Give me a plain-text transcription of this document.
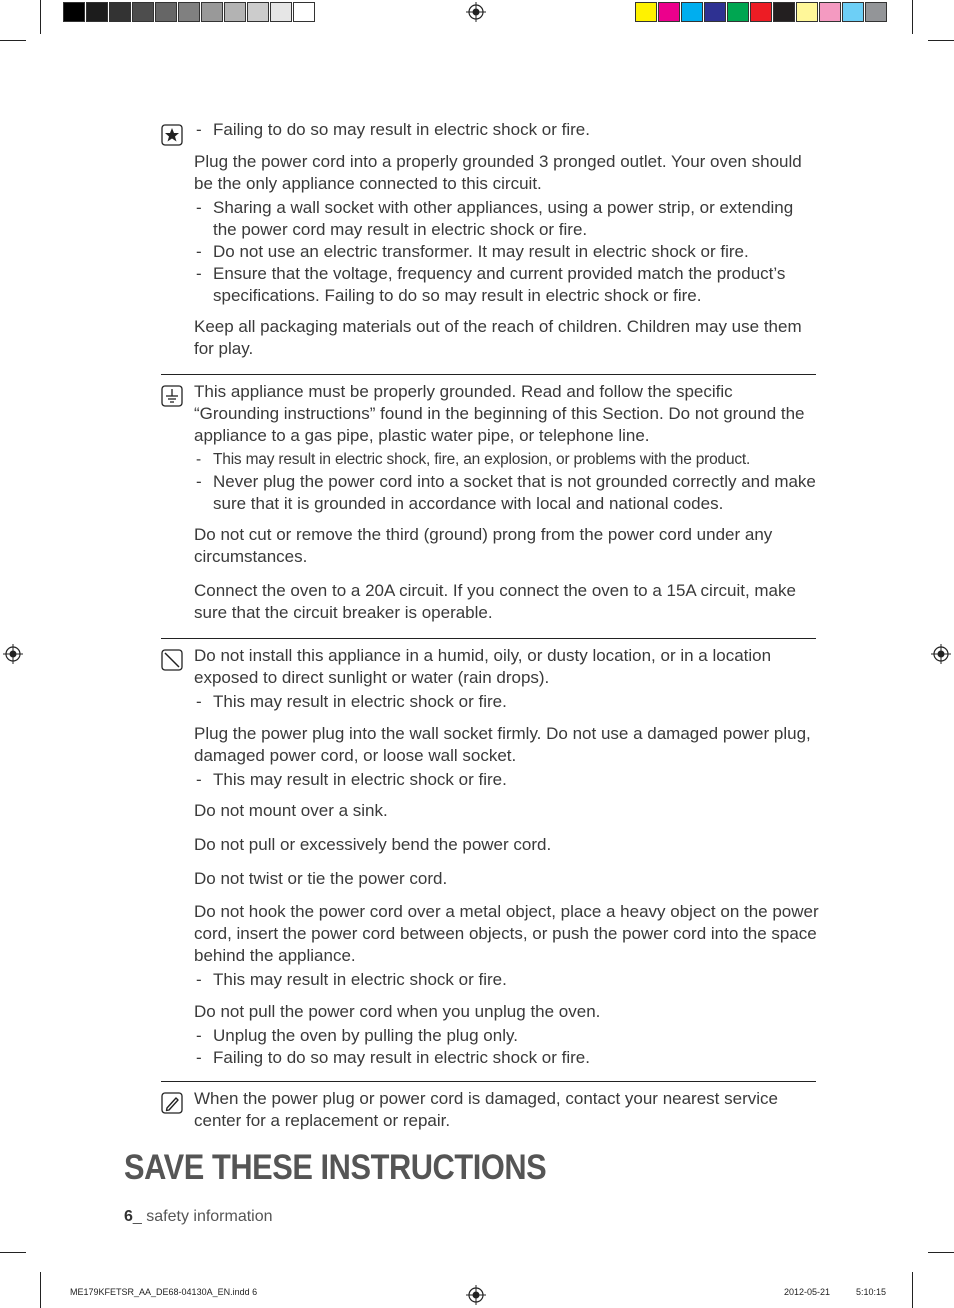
- Failing to do so may result in electric shock or fire.

Plug the power cord into a properly grounded 3 pronged outlet. Your oven should be the only appliance connected to this circuit.

- Sharing a wall socket with other appliances, using a power strip, or extending the power cord may result in electric shock or fire.
- Do not use an electric transformer. It may result in electric shock or fire.
- Ensure that the voltage, frequency and current provided match the product’s specifications. Failing to do so may result in electric shock or fire.

Keep all packaging materials out of the reach of children. Children may use them for play.

This appliance must be properly grounded. Read and follow the specific “Grounding instructions” found in the beginning of this Section. Do not ground the appliance to a gas pipe, plastic water pipe, or telephone line.

- This may result in electric shock, fire, an explosion, or problems with the product.
- Never plug the power cord into a socket that is not grounded correctly and make sure that it is grounded in accordance with local and national codes.

Do not cut or remove the third (ground) prong from the power cord under any circumstances.

Connect the oven to a 20A circuit. If you connect the oven to a 15A circuit, make sure that the circuit breaker is operable.

Do not install this appliance in a humid, oily, or dusty location, or in a location exposed to direct sunlight or water (rain drops).

- This may result in electric shock or fire.

Plug the power plug into the wall socket firmly. Do not use a damaged power plug, damaged power cord, or loose wall socket.

- This may result in electric shock or fire.

Do not mount over a sink.

Do not pull or excessively bend the power cord.

Do not twist or tie the power cord.

Do not hook the power cord over a metal object, place a heavy object on the power cord, insert the power cord between objects, or push the power cord into the space behind the appliance.

- This may result in electric shock or fire.

Do not pull the power cord when you unplug the oven.

- Unplug the oven by pulling the plug only.
- Failing to do so may result in electric shock or fire.

When the power plug or power cord is damaged, contact your nearest service center for a replacement or repair.

SAVE THESE INSTRUCTIONS
6_ safety information
ME179KFETSR_AA_DE68-04130A_EN.indd 6	2012-05-21	5:10:15
